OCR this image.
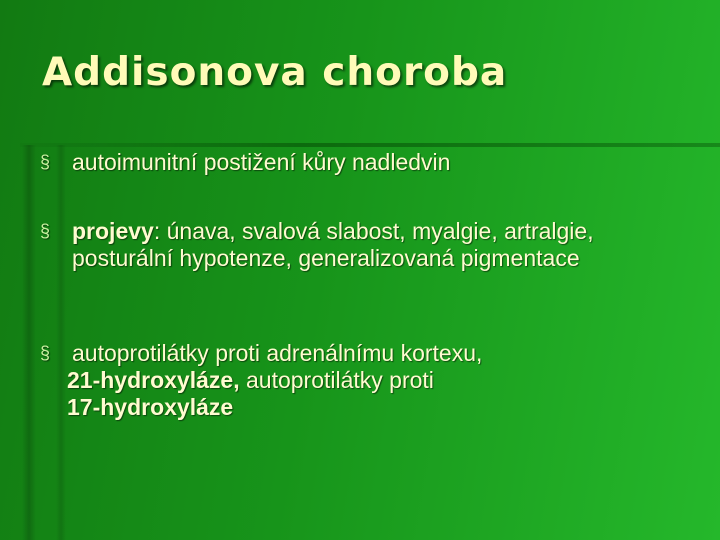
Addisonova choroba
§ autoimunitní postižení kůry nadledvin
§ projevy: únava, svalová slabost, myalgie, artralgie, posturální hypotenze, generalizovaná pigmentace
§ autoprotilátky proti adrenálnímu kortexu,
21-hydroxyláze, autoprotilátky proti
17-hydroxyláze
